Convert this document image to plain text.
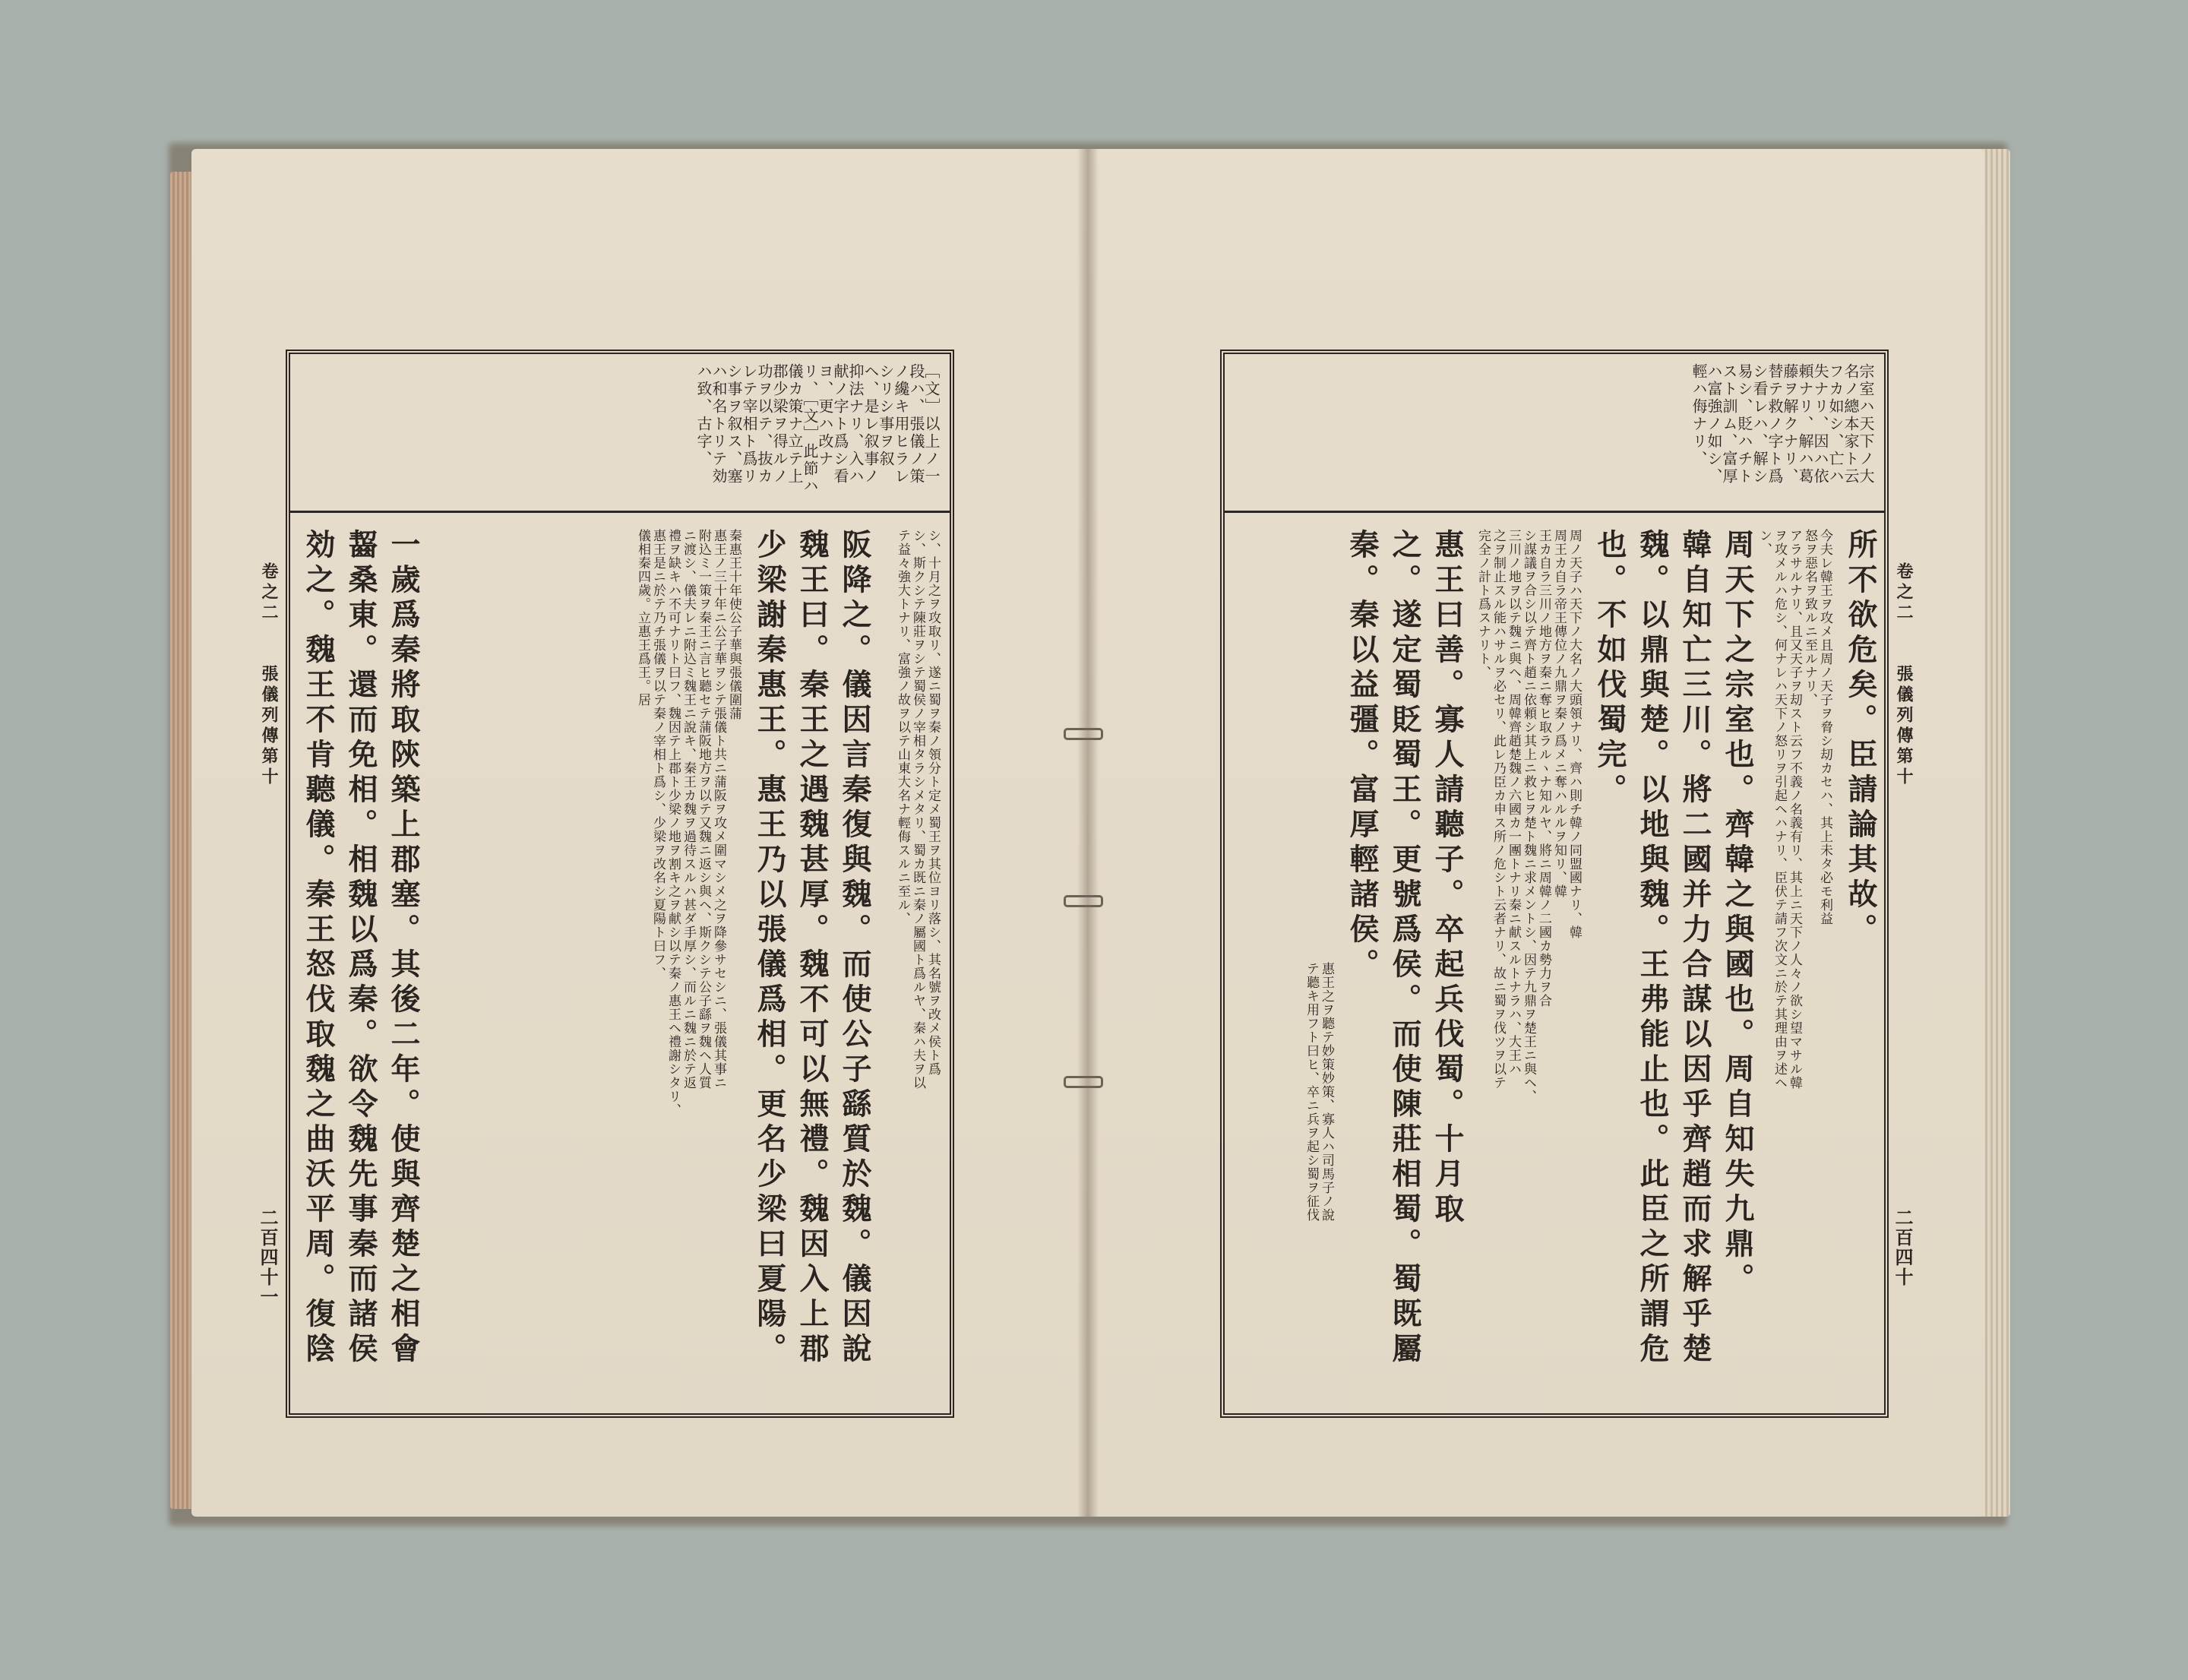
［文］以上ノ一段ハ、張儀ノ策ノ纔キ用ヒラレシリシ事ヲ叙ヘ、是レ叙事ノ抑法ナリ、入ハ献ノ字ト爲シ看ヨ、更ハ改ナリ、［文］此節ハ儀カ策ナ立テ上郡少梁ヲ得ルノ功ヲ以テ、抜カレテ宰相ト爲リシ事ヲ叙ス、塞ハ和名トリテ効ハ致、古字、
シ、十月之ヲ攻取リ、遂ニ蜀ヲ秦ノ領分ト定メ蜀王ヲ其位ヨリ落シ、其名號ヲ改メ侯ト爲
シ、斯クシテ陳莊ヲシテ蜀侯ノ宰相タラシメタリ、蜀カ既ニ秦ノ屬國ト爲ルヤ、秦ハ夫ヲ以
テ益々強大トナリ、富強ノ故ヲ以テ山東大名ナ輕侮スルニ至ル、
阪降之。儀因言秦復與魏。而使公子繇質於魏。儀因說
魏王曰。秦王之遇魏甚厚。魏不可以無禮。魏因入上郡
少梁謝秦惠王。惠王乃以張儀爲相。更名少梁曰夏陽。
秦惠王十年使公子華與張儀圍蒲
惠王ノ三十年ニ公子華ヲシテ張儀ト共ニ蒲阪ヲ攻メ圍マシメ之ヲ降參サセシニ、張儀其事ニ
附込ミ一策ヲ秦王ニ言ヒ聽セテ蒲阪地方ヲ以テ又魏ニ返シ與ヘ、斯クシテ公子繇ヲ魏ヘ人質
ニ渡シ、儀夫レニ附込ミ魏王ニ說キ、秦王カ魏ヲ過待スルハ甚ダ手厚シ、而ルニ魏ニ於テ返
禮ヲ缺キハ不可ナリト曰フ、魏因テ上郡ト少梁ノ地ヲ割キ之ヲ献シ以テ秦ノ惠王ヘ禮謝シタリ、
惠王是ニ於テ乃チ張儀ヲ以テ秦ノ宰相ト爲シ、少梁ヲ改名シ夏陽ト曰フ、
儀相秦四歲。立惠王爲王。居
一歲爲秦將取陝築上郡塞。其後二年。使與齊楚之相會
齧桑東。還而免相。相魏以爲秦。欲令魏先事秦而諸侯
効之。魏王不肯聽儀。秦王怒伐取魏之曲沃平周。復陰
卷之二　　張儀列傳第十
二百四十一
宗室ハ天下ノ大名ノ總本家ト云フカ如シ、亡ハ失ナリ、因ハ依頼ナリ、解ハ葛藤ヲ解クナリ、替テ救ノ字ト爲シ看レハ、解シ易シ、貶ハチトスト訓ム、富厚ハ富強ノ如シ、輕ハ侮ナリ、
所不欲危矣。臣請論其故。
今夫レ韓王ヲ攻メ且周ノ天子ヲ脅シ刧カセハ、其上未タ必モ利益
怒ヲ惡名ヲ致ルニ至ルナリ、
アラサルナリ、且又天子ヲ刧スト云フ不義ノ名義有リ、其上ニ天下ノ人々ノ欲シ望マサル韓
ヲ攻メルハ危シ、何ナレハ天下ノ怒リヲ引起ヘハナリ、臣伏テ請フ次文ニ於テ其理由ヲ述ヘ
ン、
周天下之宗室也。齊韓之與國也。周自知失九鼎。
韓自知亡三川。將二國并力合謀以因乎齊趙而求解乎楚
魏。以鼎與楚。以地與魏。王弗能止也。此臣之所謂危
也。不如伐蜀完。
周ノ天子ハ天下ノ大名ノ大頭領ナリ、齊ハ則チ韓ノ同盟國ナリ、韓
周王カ自ラ帝王傳位ノ九鼎ヲ秦ノ爲メニ奪ハルルヲ知リ、韓
王カ自ラ三川ノ地方ヲ秦ニ奪ヒ取ラルヽナ知ルヤ、將ニ周韓ノ二國カ勢力ヲ合
シ謀議ヲ合シ以テ齊ト趙ニ依頼シ其上ニ救ヒヲ楚ト魏ニ求メントシ、因テ九鼎ヲ楚王ニ與ヘ、
三川ノ地ヲ以テ魏ニ與ヘ、周韓齊趙楚魏ノ六國カ一團トナリ秦ニ献スルトナラハ、大王ハ
之ヲ制止スル能ハサルヲ必セリ、此レ乃臣カ申ス所ノ危シト云者ナリ、故ニ蜀ヲ伐ツヲ以テ
完全ノ計ト爲スナリト、
惠王曰善。寡人請聽子。卒起兵伐蜀。十月取
之。遂定蜀貶蜀王。更號爲侯。而使陳莊相蜀。蜀既屬
秦。秦以益彊。富厚輕諸侯。
惠王之ヲ聽テ妙策妙策、寡人ハ司馬子ノ說
テ聽キ用フト曰ヒ、卒ニ兵ヲ起シ蜀ヲ征伐
卷之二　　張儀列傳第十
二百四十
